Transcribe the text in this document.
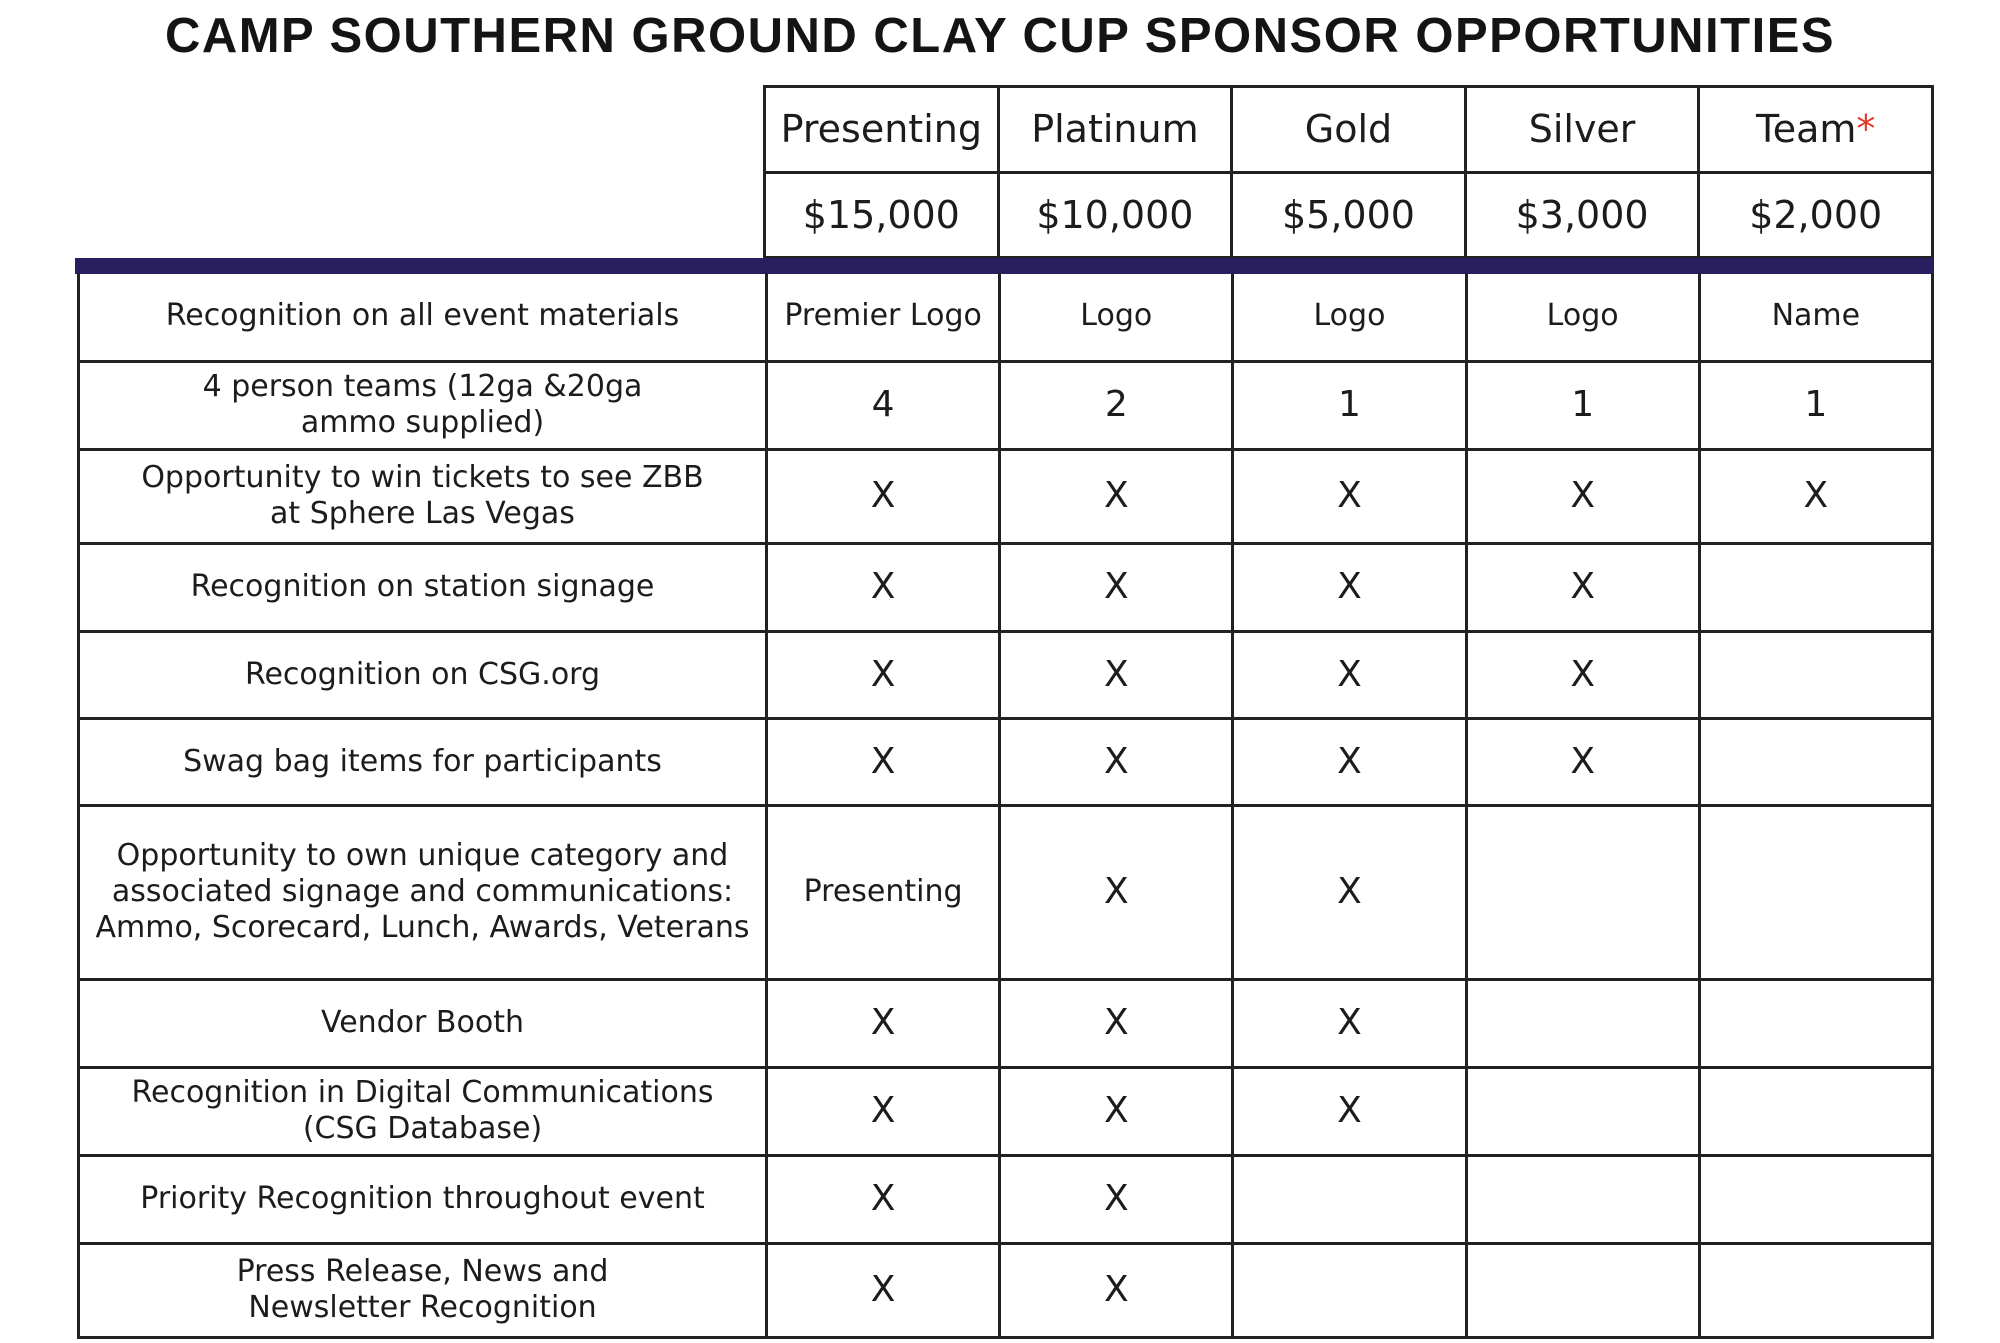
CAMP SOUTHERN GROUND CLAY CUP SPONSOR OPPORTUNITIES
Presenting	Platinum	Gold	Silver	Team*
$15,000	$10,000	$5,000	$3,000	$2,000
Recognition on all event materials	Premier Logo	Logo	Logo	Logo	Name
4 person teams (12ga &20ga
ammo supplied)	4	2	1	1	1
Opportunity to win tickets to see ZBB
at Sphere Las Vegas	X	X	X	X	X
Recognition on station signage	X	X	X	X	
Recognition on CSG.org	X	X	X	X	
Swag bag items for participants	X	X	X	X	
Opportunity to own unique category and
associated signage and communications:
Ammo, Scorecard, Lunch, Awards, Veterans	Presenting	X	X		
Vendor Booth	X	X	X		
Recognition in Digital Communications
(CSG Database)	X	X	X		
Priority Recognition throughout event	X	X			
Press Release, News and
Newsletter Recognition	X	X			
